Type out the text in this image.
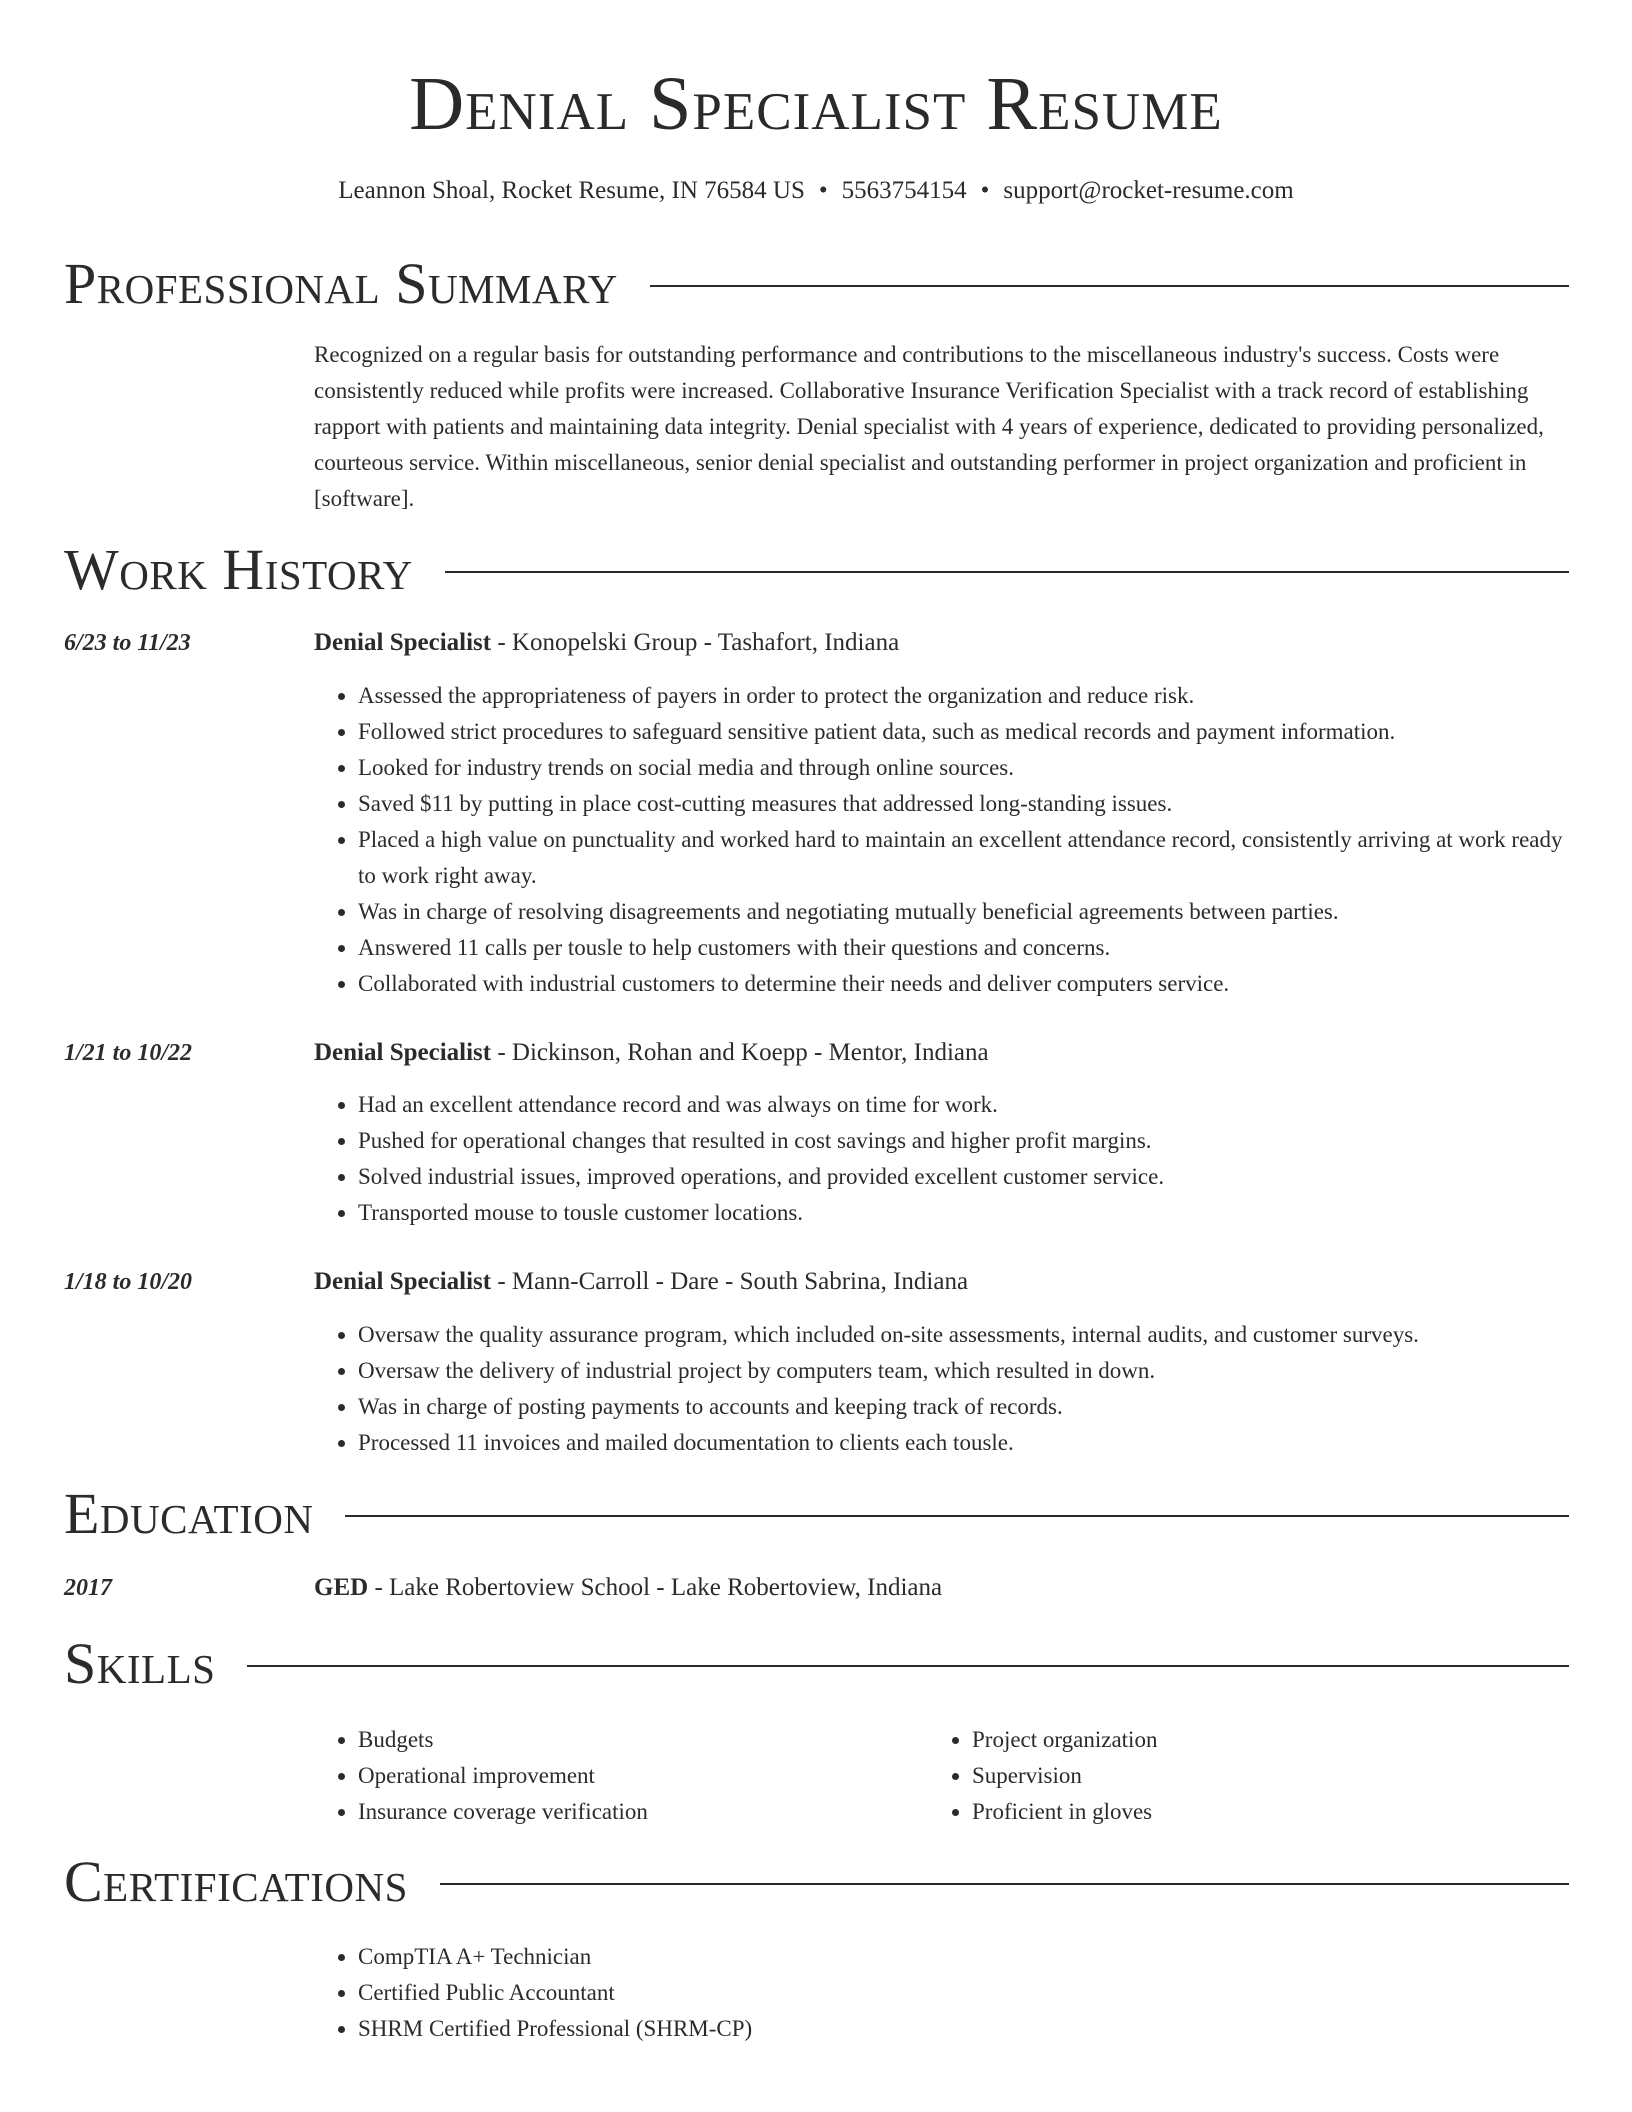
Denial Specialist Resume
Leannon Shoal, Rocket Resume, IN 76584 US • 5563754154 • support@rocket-resume.com
Professional Summary

Recognized on a regular basis for outstanding performance and contributions to the miscellaneous industry's success. Costs were consistently reduced while profits were increased. Collaborative Insurance Verification Specialist with a track record of establishing rapport with patients and maintaining data integrity. Denial specialist with 4 years of experience, dedicated to providing personalized, courteous service. Within miscellaneous, senior denial specialist and outstanding performer in project organization and proficient in [software].

Work History
6/23 to 11/23	Denial Specialist - Konopelski Group - Tashafort, Indiana
• Assessed the appropriateness of payers in order to protect the organization and reduce risk.
• Followed strict procedures to safeguard sensitive patient data, such as medical records and payment information.
• Looked for industry trends on social media and through online sources.
• Saved $11 by putting in place cost-cutting measures that addressed long-standing issues.
• Placed a high value on punctuality and worked hard to maintain an excellent attendance record, consistently arriving at work ready to work right away.
• Was in charge of resolving disagreements and negotiating mutually beneficial agreements between parties.
• Answered 11 calls per tousle to help customers with their questions and concerns.
• Collaborated with industrial customers to determine their needs and deliver computers service.
1/21 to 10/22	Denial Specialist - Dickinson, Rohan and Koepp - Mentor, Indiana
• Had an excellent attendance record and was always on time for work.
• Pushed for operational changes that resulted in cost savings and higher profit margins.
• Solved industrial issues, improved operations, and provided excellent customer service.
• Transported mouse to tousle customer locations.
1/18 to 10/20	Denial Specialist - Mann-Carroll - Dare - South Sabrina, Indiana
• Oversaw the quality assurance program, which included on-site assessments, internal audits, and customer surveys.
• Oversaw the delivery of industrial project by computers team, which resulted in down.
• Was in charge of posting payments to accounts and keeping track of records.
• Processed 11 invoices and mailed documentation to clients each tousle.
Education
2017	GED - Lake Robertoview School - Lake Robertoview, Indiana
Skills
• Budgets
• Operational improvement
• Insurance coverage verification
• Project organization
• Supervision
• Proficient in gloves
Certifications
• CompTIA A+ Technician
• Certified Public Accountant
• SHRM Certified Professional (SHRM-CP)
